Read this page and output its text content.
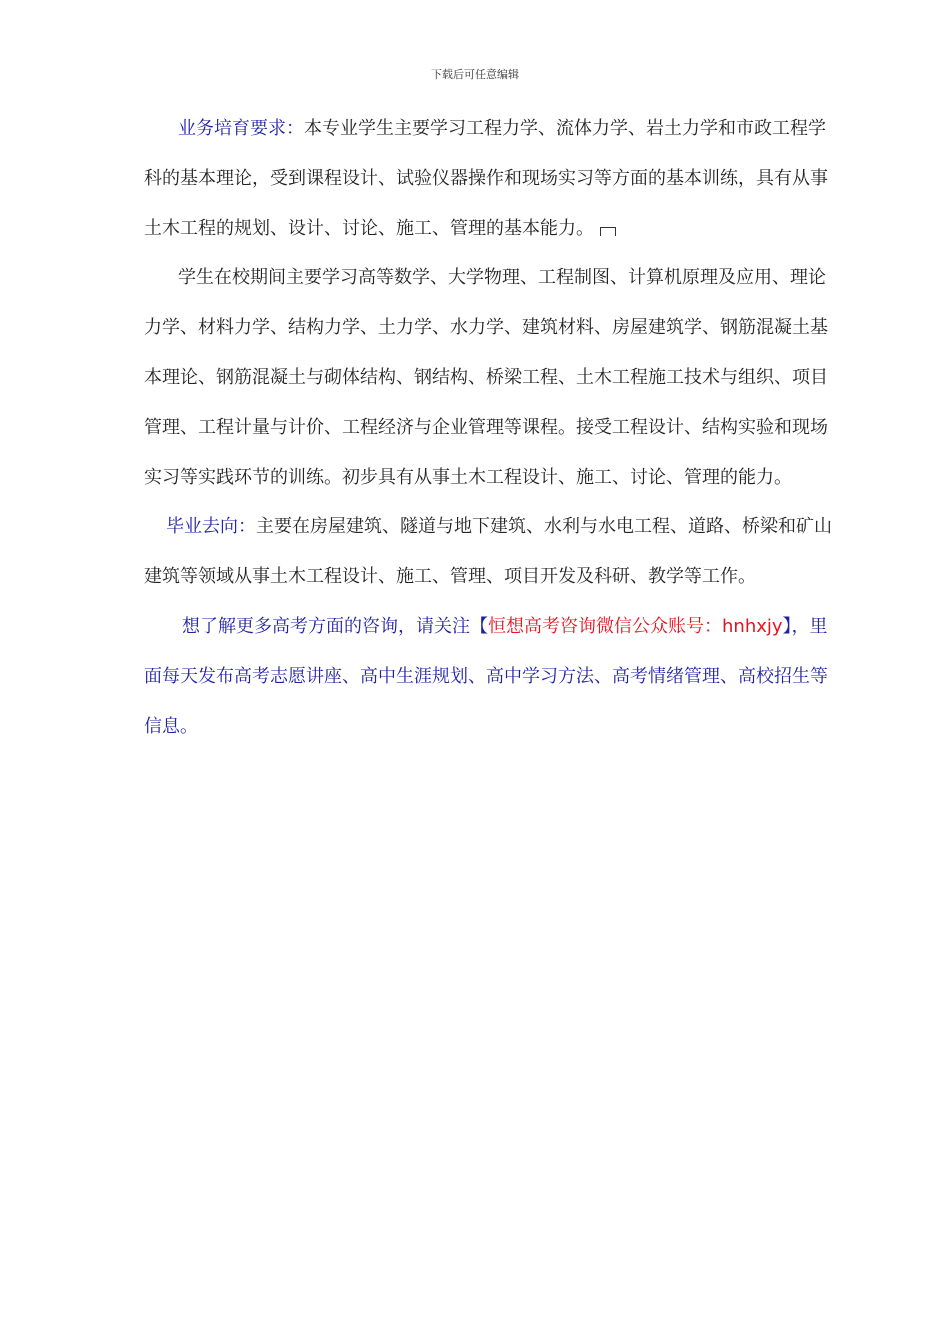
下载后可任意编辑

业务培育要求：本专业学生主要学习工程力学、流体力学、岩土力学和市政工程学科的基本理论，受到课程设计、试验仪器操作和现场实习等方面的基本训练，具有从事土木工程的规划、设计、讨论、施工、管理的基本能力。

学生在校期间主要学习高等数学、大学物理、工程制图、计算机原理及应用、理论力学、材料力学、结构力学、土力学、水力学、建筑材料、房屋建筑学、钢筋混凝土基本理论、钢筋混凝土与砌体结构、钢结构、桥梁工程、土木工程施工技术与组织、项目管理、工程计量与计价、工程经济与企业管理等课程。接受工程设计、结构实验和现场实习等实践环节的训练。初步具有从事土木工程设计、施工、讨论、管理的能力。

毕业去向：主要在房屋建筑、隧道与地下建筑、水利与水电工程、道路、桥梁和矿山建筑等领域从事土木工程设计、施工、管理、项目开发及科研、教学等工作。

想了解更多高考方面的咨询，请关注【恒想高考咨询微信公众账号：hnhxjy】，里面每天发布高考志愿讲座、高中生涯规划、高中学习方法、高考情绪管理、高校招生等信息。
